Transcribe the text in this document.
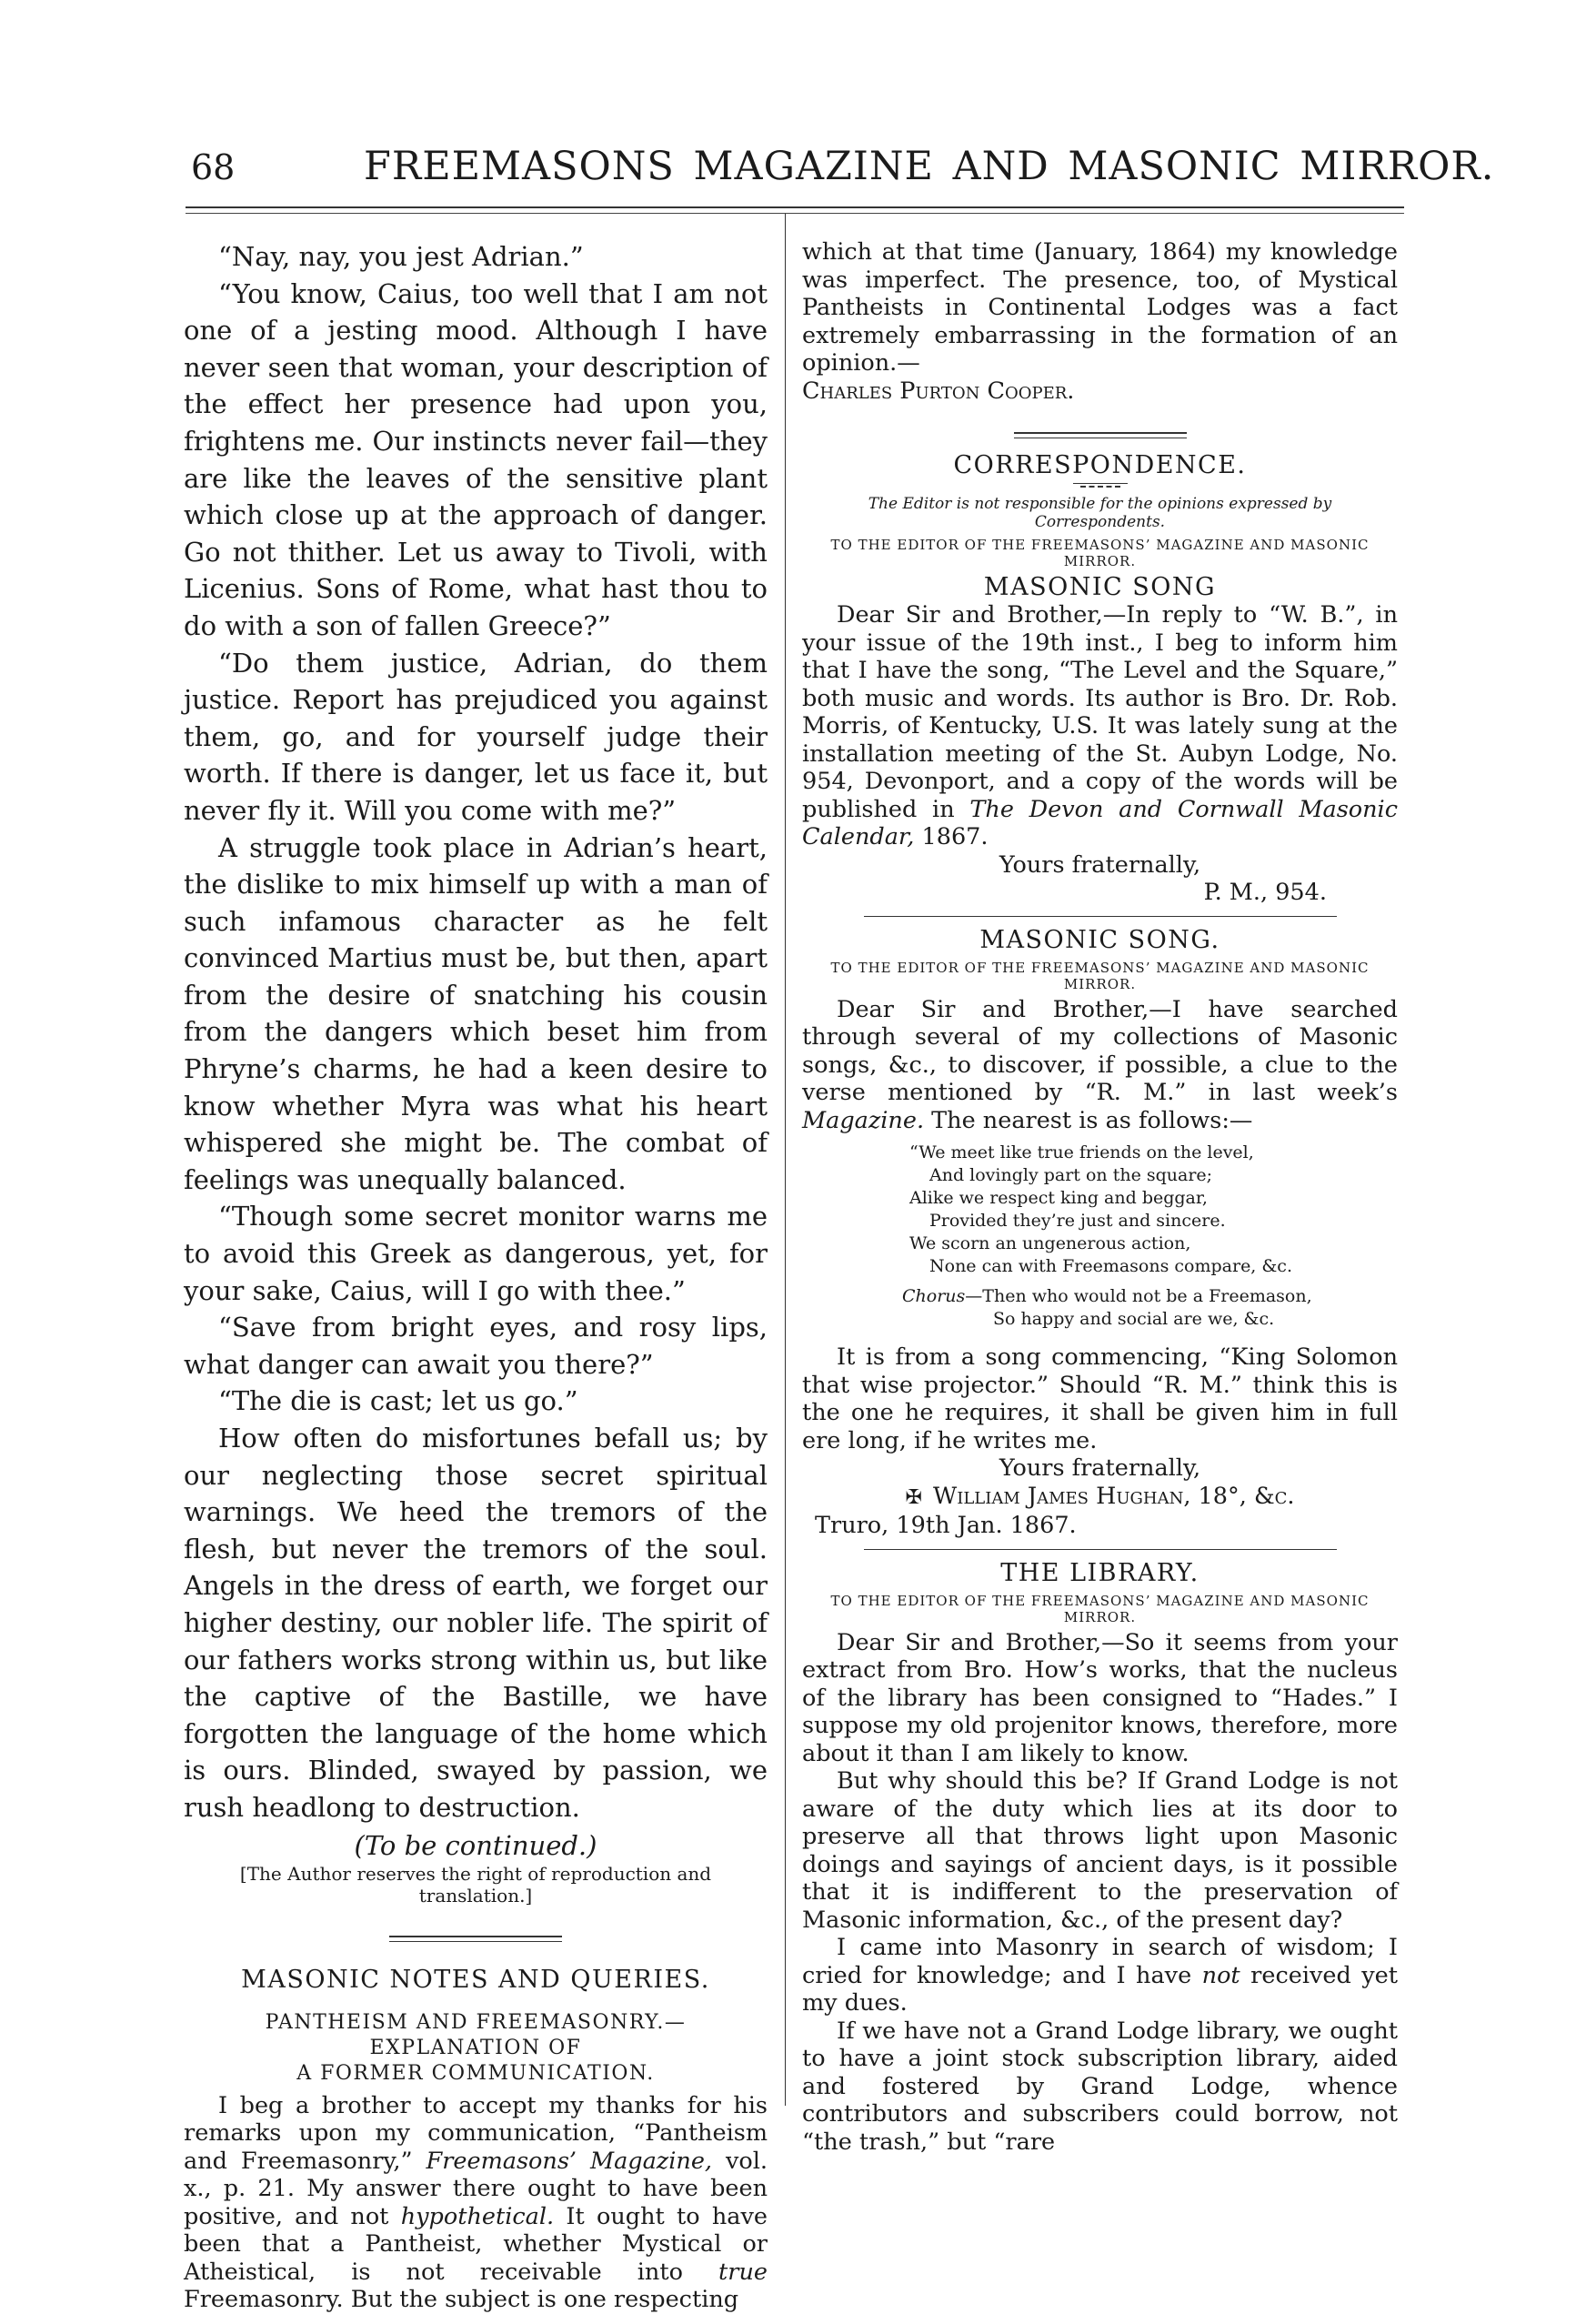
68	FREEMASONS MAGAZINE AND MASONIC MIRROR.

“Nay, nay, you jest Adrian.”

“You know, Caius, too well that I am not one of a jesting mood. Although I have never seen that woman, your description of the effect her presence had upon you, frightens me. Our instincts never fail—they are like the leaves of the sensitive plant which close up at the approach of danger. Go not thither. Let us away to Tivoli, with Licenius. Sons of Rome, what hast thou to do with a son of fallen Greece?”

“Do them justice, Adrian, do them justice. Report has prejudiced you against them, go, and for yourself judge their worth. If there is danger, let us face it, but never fly it. Will you come with me?”

A struggle took place in Adrian’s heart, the dislike to mix himself up with a man of such infamous character as he felt convinced Martius must be, but then, apart from the desire of snatching his cousin from the dangers which beset him from Phryne’s charms, he had a keen desire to know whether Myra was what his heart whispered she might be. The combat of feelings was unequally balanced.

“Though some secret monitor warns me to avoid this Greek as dangerous, yet, for your sake, Caius, will I go with thee.”

“Save from bright eyes, and rosy lips, what danger can await you there?”

“The die is cast; let us go.”

How often do misfortunes befall us; by our neglecting those secret spiritual warnings. We heed the tremors of the flesh, but never the tremors of the soul. Angels in the dress of earth, we forget our higher destiny, our nobler life. The spirit of our fathers works strong within us, but like the captive of the Bastille, we have forgotten the language of the home which is ours. Blinded, swayed by passion, we rush headlong to destruction.

(To be continued.)

[The Author reserves the right of reproduction and translation.]

MASONIC NOTES AND QUERIES.

PANTHEISM AND FREEMASONRY.—EXPLANATION OF

A FORMER COMMUNICATION.

I beg a brother to accept my thanks for his remarks upon my communication, “Pantheism and Freemasonry,” Freemasons’ Magazine, vol. x., p. 21. My answer there ought to have been positive, and not hypothetical. It ought to have been that a Pantheist, whether Mystical or Atheistical, is not receivable into true Freemasonry. But the subject is one respecting

which at that time (January, 1864) my knowledge was imperfect. The presence, too, of Mystical Pantheists in Continental Lodges was a fact extremely embarrassing in the formation of an opinion.—

Charles Purton Cooper.

CORRESPONDENCE.

The Editor is not responsible for the opinions expressed by Correspondents.

TO THE EDITOR OF THE FREEMASONS’ MAGAZINE AND MASONIC MIRROR.

MASONIC SONG

Dear Sir and Brother,—In reply to “W. B.”, in your issue of the 19th inst., I beg to inform him that I have the song, “The Level and the Square,” both music and words. Its author is Bro. Dr. Rob. Morris, of Kentucky, U.S. It was lately sung at the installation meeting of the St. Aubyn Lodge, No. 954, Devonport, and a copy of the words will be published in The Devon and Cornwall Masonic Calendar, 1867.

Yours fraternally,

P. M., 954.

MASONIC SONG.

TO THE EDITOR OF THE FREEMASONS’ MAGAZINE AND MASONIC MIRROR.

Dear Sir and Brother,—I have searched through several of my collections of Masonic songs, &c., to discover, if possible, a clue to the verse mentioned by “R. M.” in last week’s Magazine. The nearest is as follows:—

“We meet like true friends on the level,
And lovingly part on the square;
Alike we respect king and beggar,
Provided they’re just and sincere.
We scorn an ungenerous action,
None can with Freemasons compare, &c.
Chorus—Then who would not be a Freemason,
So happy and social are we, &c.

It is from a song commencing, “King Solomon that wise projector.” Should “R. M.” think this is the one he requires, it shall be given him in full ere long, if he writes me.

Yours fraternally,

✠ William James Hughan, 18°, &c.

Truro, 19th Jan. 1867.

THE LIBRARY.

TO THE EDITOR OF THE FREEMASONS’ MAGAZINE AND MASONIC MIRROR.

Dear Sir and Brother,—So it seems from your extract from Bro. How’s works, that the nucleus of the library has been consigned to “Hades.” I suppose my old projenitor knows, therefore, more about it than I am likely to know.

But why should this be? If Grand Lodge is not aware of the duty which lies at its door to preserve all that throws light upon Masonic doings and sayings of ancient days, is it possible that it is indifferent to the preservation of Masonic information, &c., of the present day?

I came into Masonry in search of wisdom; I cried for knowledge; and I have not received yet my dues.

If we have not a Grand Lodge library, we ought to have a joint stock subscription library, aided and fostered by Grand Lodge, whence contributors and subscribers could borrow, not “the trash,” but “rare
